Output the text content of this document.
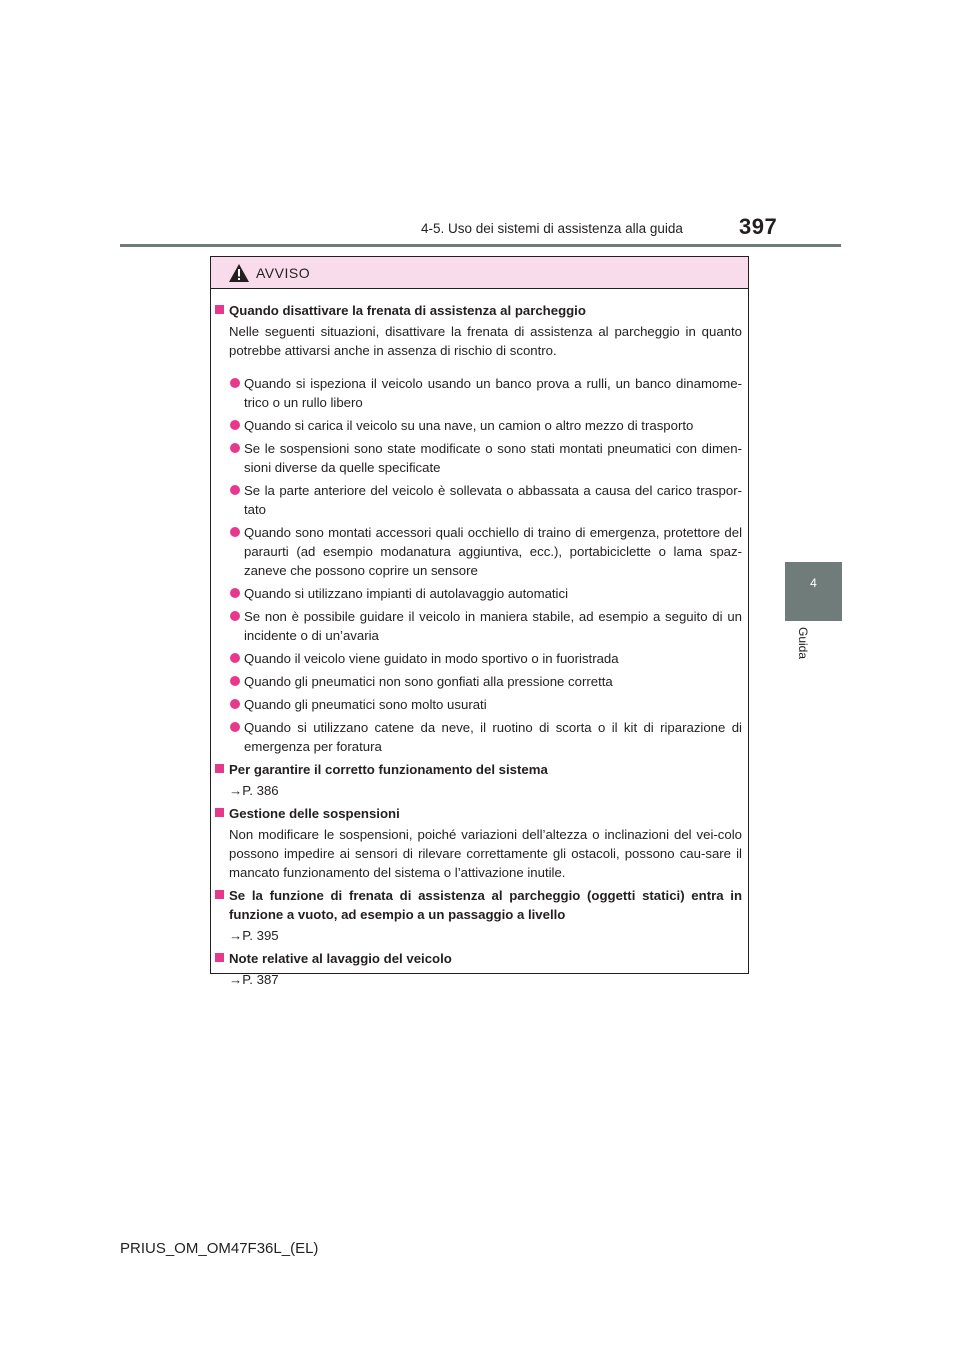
4-5. Uso dei sistemi di assistenza alla guida	397
4
Guida
AVVISO
Quando disattivare la frenata di assistenza al parcheggio
Nelle seguenti situazioni, disattivare la frenata di assistenza al parcheggio in quanto potrebbe attivarsi anche in assenza di rischio di scontro.
Quando si ispeziona il veicolo usando un banco prova a rulli, un banco dinamome-trico o un rullo libero
Quando si carica il veicolo su una nave, un camion o altro mezzo di trasporto
Se le sospensioni sono state modificate o sono stati montati pneumatici con dimen-sioni diverse da quelle specificate
Se la parte anteriore del veicolo è sollevata o abbassata a causa del carico traspor-tato
Quando sono montati accessori quali occhiello di traino di emergenza, protettore del paraurti (ad esempio modanatura aggiuntiva, ecc.), portabiciclette o lama spaz-zaneve che possono coprire un sensore
Quando si utilizzano impianti di autolavaggio automatici
Se non è possibile guidare il veicolo in maniera stabile, ad esempio a seguito di un incidente o di un’avaria
Quando il veicolo viene guidato in modo sportivo o in fuoristrada
Quando gli pneumatici non sono gonfiati alla pressione corretta
Quando gli pneumatici sono molto usurati
Quando si utilizzano catene da neve, il ruotino di scorta o il kit di riparazione di emergenza per foratura
Per garantire il corretto funzionamento del sistema
→P. 386
Gestione delle sospensioni
Non modificare le sospensioni, poiché variazioni dell’altezza o inclinazioni del vei-colo possono impedire ai sensori di rilevare correttamente gli ostacoli, possono cau-sare il mancato funzionamento del sistema o l’attivazione inutile.
Se la funzione di frenata di assistenza al parcheggio (oggetti statici) entra in funzione a vuoto, ad esempio a un passaggio a livello
→P. 395
Note relative al lavaggio del veicolo
→P. 387
PRIUS_OM_OM47F36L_(EL)
